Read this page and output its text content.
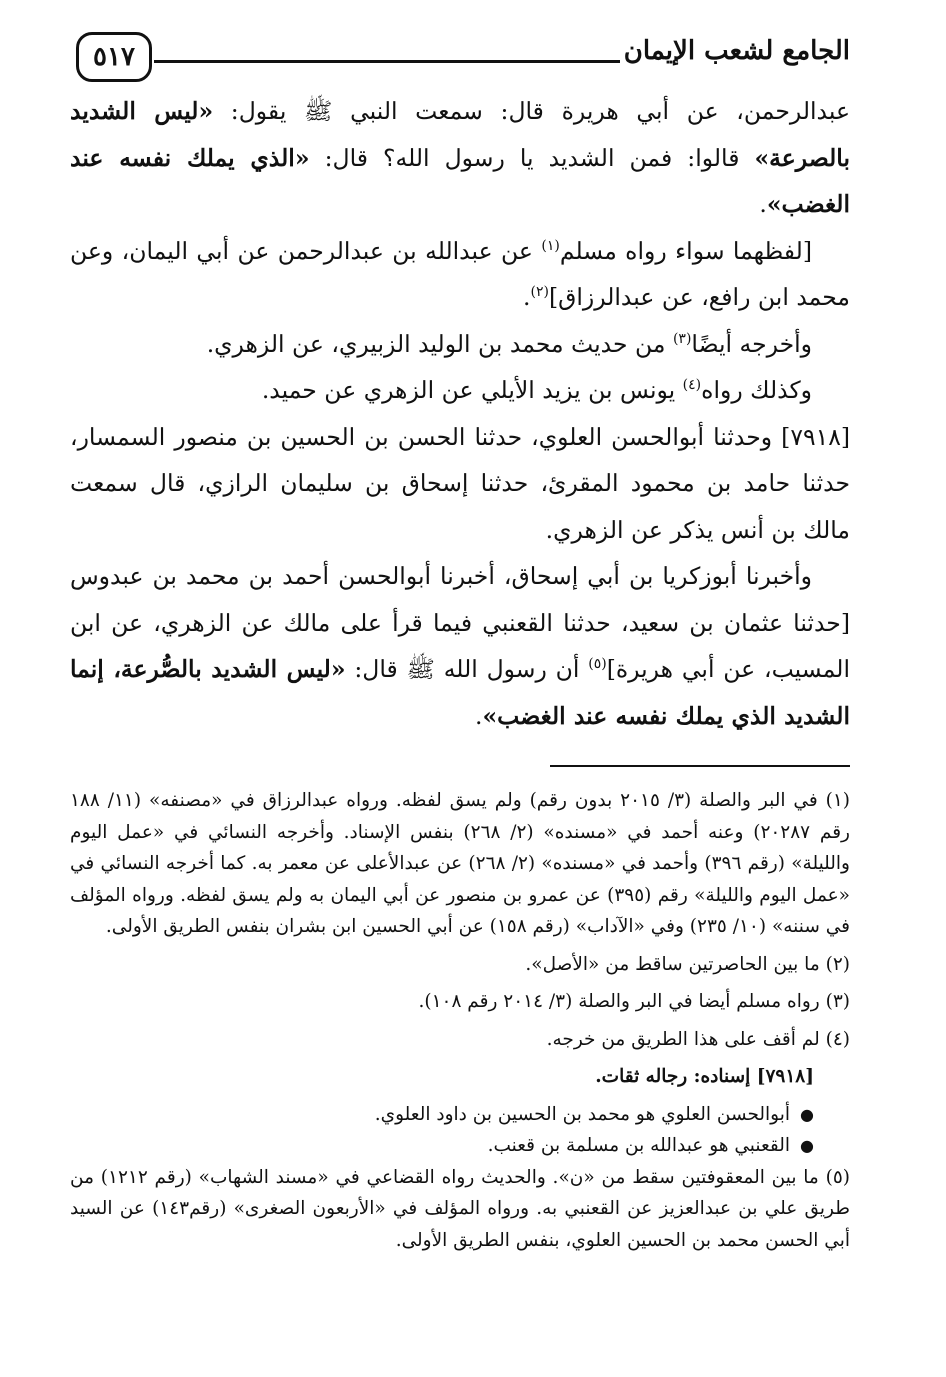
الجامع لشعب الإيمان
٥١٧

عبدالرحمن، عن أبي هريرة قال: سمعت النبي ﷺ يقول: «ليس الشديد بالصرعة» قالوا: فمن الشديد يا رسول الله؟ قال: «الذي يملك نفسه عند الغضب».

[لفظهما سواء رواه مسلم$^{(١)}$ عن عبدالله بن عبدالرحمن عن أبي اليمان، وعن محمد ابن رافع، عن عبدالرزاق]$^{(٢)}$.

وأخرجه أيضًا$^{(٣)}$ من حديث محمد بن الوليد الزبيري، عن الزهري.

وكذلك رواه$^{(٤)}$ يونس بن يزيد الأيلي عن الزهري عن حميد.

[٧٩١٨] وحدثنا أبوالحسن العلوي، حدثنا الحسن بن الحسين بن منصور السمسار، حدثنا حامد بن محمود المقرئ، حدثنا إسحاق بن سليمان الرازي، قال سمعت مالك بن أنس يذكر عن الزهري.

وأخبرنا أبوزكريا بن أبي إسحاق، أخبرنا أبوالحسن أحمد بن محمد بن عبدوس [حدثنا عثمان بن سعيد، حدثنا القعنبي فيما قرأ على مالك عن الزهري، عن ابن المسيب، عن أبي هريرة]$^{(٥)}$ أن رسول الله ﷺ قال: «ليس الشديد بالصُّرعة، إنما الشديد الذي يملك نفسه عند الغضب».

(١) في البر والصلة (٣/ ٢٠١٥ بدون رقم) ولم يسق لفظه. ورواه عبدالرزاق في «مصنفه» (١١/ ١٨٨ رقم ٢٠٢٨٧) وعنه أحمد في «مسنده» (٢/ ٢٦٨) بنفس الإسناد. وأخرجه النسائي في «عمل اليوم والليلة» (رقم ٣٩٦) وأحمد في «مسنده» (٢/ ٢٦٨) عن عبدالأعلى عن معمر به. كما أخرجه النسائي في «عمل اليوم والليلة» رقم (٣٩٥) عن عمرو بن منصور عن أبي اليمان به ولم يسق لفظه. ورواه المؤلف في سننه» (١٠/ ٢٣٥) وفي «الآداب» (رقم ١٥٨) عن أبي الحسين ابن بشران بنفس الطريق الأولى.

(٢) ما بين الحاصرتين ساقط من «الأصل».

(٣) رواه مسلم أيضا في البر والصلة (٣/ ٢٠١٤ رقم ١٠٨).

(٤) لم أقف على هذا الطريق من خرجه.

[٧٩١٨] إسناده: رجاله ثقات.

●
أبوالحسن العلوي هو محمد بن الحسين بن داود العلوي.
●
القعنبي هو عبدالله بن مسلمة بن قعنب.

(٥) ما بين المعقوفتين سقط من «ن». والحديث رواه القضاعي في «مسند الشهاب» (رقم ١٢١٢) من طريق علي بن عبدالعزيز عن القعنبي به. ورواه المؤلف في «الأربعون الصغرى» (رقم١٤٣) عن السيد أبي الحسن محمد بن الحسين العلوي، بنفس الطريق الأولى.
